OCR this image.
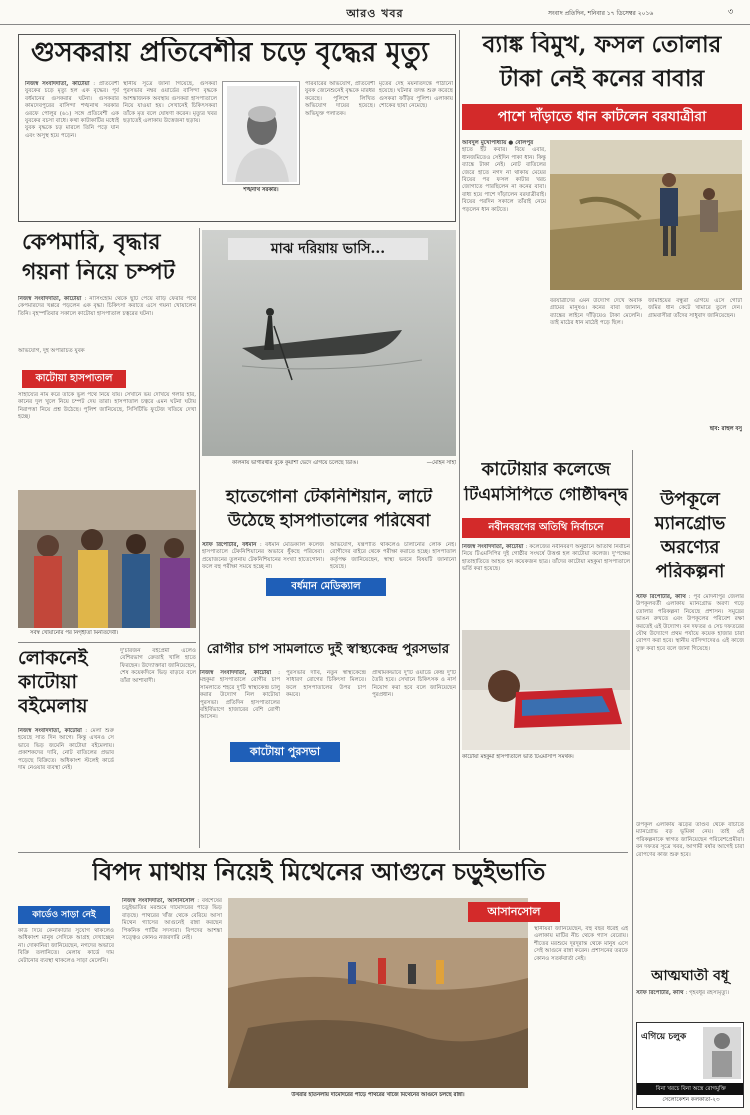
আরও খবর	সংবাদ প্রতিদিন, শনিবার ১৭ ডিসেম্বর ২০১৬	৩
গুসকরায় প্রতিবেশীর চড়ে বৃদ্ধের মৃত্যু
নিজস্ব সংবাদদাতা, কাটোয়া : প্রতিবেশী যুবকের চড়ে মৃত্যু হল এক বৃদ্ধের। পূর্ব বর্ধমানের গুসকরার ঘটনা। গুসকরার কামদেবপুরের বাসিন্দা শঙ্খনাথ সরকার ওরফে পোলুর (৬১) সঙ্গে প্রতিবেশী এক যুবকের বচসা বাধে। কথা কাটাকাটির মধ্যেই যুবক বৃদ্ধকে চড় মারলে তিনি পড়ে যান এবং অসুস্থ হয়ে পড়েন।
স্থানীয় সূত্রে জানা গিয়েছে, গুসকরা পুরসভার নম্বর ওয়ার্ডের বাসিন্দা বৃদ্ধকে আশঙ্কাজনক অবস্থায় গুসকরা হাসপাতালে নিয়ে যাওয়া হয়। সেখানেই চিকিৎসকরা তাঁকে মৃত বলে ঘোষণা করেন। মৃত্যুর খবর ছড়াতেই এলাকায় উত্তেজনা ছড়ায়।
শঙ্খনাথ সরকার।
পরিবারের অভিযোগ, প্রতিবেশী যুবক জেনেশুনেই বৃদ্ধকে মারধর করেছে। পুলিশে লিখিত অভিযোগ দায়ের হয়েছে। অভিযুক্ত পলাতক।
মৃতের দেহ ময়নাতদন্তে পাঠানো হয়েছে। ঘটনার তদন্ত শুরু করেছে গুসকরা ফাঁড়ির পুলিশ। এলাকায় শোকের ছায়া নেমেছে।
ব্যাঙ্ক বিমুখ, ফসল তোলার
টাকা নেই কনের বাবার
পাশে দাঁড়াতে ধান কাটলেন বরযাত্রীরা
আবদুল মুখোপাধ্যায় ● বোলপুর
হাতে ইঁট কবার। বিয়ে এবার, ধানজমিতেও সেইদিন পাকা ধান। কিন্তু ব্যাঙ্কে টাকা নেই। নোট বাতিলের জেরে হাতে নগদ না থাকায় মেয়ের বিয়ের পর ফসল কাটার খরচ জোগাতে পারছিলেন না কনের বাবা। বাধ্য হয়ে পাশে দাঁড়ালেন বরযাত্রীরাই। বিয়ের পরদিন সকালে তাঁরাই নেমে পড়লেন ধান কাটতে।
বরযাত্রীদের এমন উদ্যোগ দেখে অবাক গ্রামের মানুষও। কনের বাবা জানান, ব্যাঙ্কের লাইনে দাঁড়িয়েও টাকা মেলেনি। তাই মাঠের ধান মাঠেই পড়ে ছিল।
জামাইয়ের বন্ধুরা এগিয়ে এসে গোটা জমির ধান কেটে খামারে তুলে দেন। গ্রামবাসীরা তাঁদের সাধুবাদ জানিয়েছেন।
ছবি: রাহুল বসু
কেপমারি, বৃদ্ধার
গয়না নিয়ে চম্পট
নিজস্ব সংবাদদাতা, কাটোয়া : নার্সিংহোম থেকে ছুটি পেয়ে বাড়ি ফেরার পথে কেপমারদের খপ্পরে পড়লেন এক বৃদ্ধা। চিকিৎসা করাতে এসে গয়না খোয়ালেন তিনি। বৃহস্পতিবার সকালে কাটোয়া হাসপাতাল চত্বরের ঘটনা।
অভিযোগ, দুই অপরিচিত যুবক
কাটোয়া হাসপাতাল
সাহায্যের নাম করে তাঁকে ভুল পথে নিয়ে যায়। সেখানে ভয় দেখিয়ে গলার হার, কানের দুল খুলে নিয়ে চম্পট দেয় তারা। হাসপাতাল চত্বরে এমন ঘটনা ঘটায় নিরাপত্তা নিয়ে প্রশ্ন উঠেছে। পুলিশ জানিয়েছে, সিসিটিভি ফুটেজ খতিয়ে দেখা হচ্ছে।
মাঝ দরিয়ায় ভাসি...
কালনায় ভাগীরথীর বুকে কুয়াশা ভেদে এগিয়ে চলেছে ডিঙি।	—মোহন সাহা
সর্বস্ব খোয়ানোর পর নিগৃহীতা মিনতিদেবী।
লোকনেই
কাটোয়া
বইমেলায়
নিজস্ব সংবাদদাতা, কাটোয়া : মেলা শুরু হয়েছে সাত দিন আগে। কিন্তু এখনও সে ভাবে ভিড় জমেনি কাটোয়া বইমেলায়। প্রকাশকদের দাবি, নোট বাতিলের প্রভাব পড়েছে বিক্রিতে। অধিকাংশ স্টলেই কার্ডে দাম নেওয়ার ব্যবস্থা নেই।
দু'চারজন বইপ্রেমী এলেও বেশিরভাগ ক্রেতাই খালি হাতে ফিরছেন। উদ্যোক্তারা জানিয়েছেন, শেষ কয়েকদিনে ভিড় বাড়বে বলে তাঁরা আশাবাদী।
হাতেগোনা টেকনিশিয়ান, লাটে
উঠেছে হাসপাতালের পরিষেবা
স্টাফ রিপোর্টার, বর্ধমান : বর্ধমান মেডিক্যাল কলেজ হাসপাতালে টেকনিশিয়ানের অভাবে ধুঁকছে পরিষেবা। প্রয়োজনের তুলনায় টেকনিশিয়ানের সংখ্যা হাতেগোনা। ফলে বহু পরীক্ষা সময়ে হচ্ছে না।
অভিযোগ, যন্ত্রপাতি থাকলেও চালানোর লোক নেই। রোগীদের বাইরে থেকে পরীক্ষা করাতে হচ্ছে। হাসপাতাল কর্তৃপক্ষ জানিয়েছেন, স্বাস্থ্য ভবনে বিষয়টি জানানো হয়েছে।
বর্ধমান মেডিক্যাল
কাটোয়ার কলেজে
টিএমসিপিতে গোষ্ঠীদ্বন্দ্ব
নবীনবরণের অতিথি নির্বাচনে
নিজস্ব সংবাদদাতা, কাটোয়া : কলেজের নবীনবরণ অনুষ্ঠানে অতিথি নির্বাচন নিয়ে টিএমসিপির দুই গোষ্ঠীর সংঘর্ষে উত্তপ্ত হল কাটোয়া কলেজ। দু'পক্ষের হাতাহাতিতে আহত হন কয়েকজন ছাত্র। তাঁদের কাটোয়া মহকুমা হাসপাতালে ভর্তি করা হয়েছে।
কাটোয়া মহকুমা হাসপাতালে ভর্তি টিএমসিপি সমর্থক।
উপকূলে
ম্যানগ্রোভ
অরণ্যের
পরিকল্পনা
স্টাফ রিপোর্টার, কাঁথি : পূর্ব মেদিনীপুর জেলার উপকূলবর্তী এলাকায় ম্যানগ্রোভ অরণ্য গড়ে তোলার পরিকল্পনা নিয়েছে প্রশাসন। সমুদ্রের ভাঙন রুখতে এবং উপকূলের পরিবেশ রক্ষা করতেই এই উদ্যোগ। বন দফতর ও সেচ দফতরের যৌথ উদ্যোগে প্রথম পর্যায়ে কয়েক হাজার চারা রোপণ করা হবে। স্থানীয় বাসিন্দাদেরও এই কাজে যুক্ত করা হবে বলে জানা গিয়েছে।
রোগীর চাপ সামলাতে দুই স্বাস্থ্যকেন্দ্র পুরসভার
নিজস্ব সংবাদদাতা, কাটোয়া : মহকুমা হাসপাতালে রোগীর চাপ সামলাতে শহরে দু'টি স্বাস্থ্যকেন্দ্র চালু করার উদ্যোগ নিল কাটোয়া পুরসভা। প্রতিদিন হাসপাতালের বহির্বিভাগে হাজারের বেশি রোগী আসেন।
পুরসভার দাবি, নতুন স্বাস্থ্যকেন্দ্রে সাধারণ রোগের চিকিৎসা মিলবে। ফলে হাসপাতালের উপর চাপ কমবে।
প্রাথমিকভাবে দু'টি ওয়ার্ডে কেন্দ্র দু'টি তৈরি হবে। সেখানে চিকিৎসক ও নার্স নিয়োগ করা হবে বলে জানিয়েছেন পুরপ্রধান।
কাটোয়া পুরসভা
বিপদ মাথায় নিয়েই মিথেনের আগুনে চড়ুইভাতি
কার্ডেও সাড়া নেই
কার্ড দিয়ে কেনাকাটার সুযোগ থাকলেও অধিকাংশ মানুষ সেদিকে আগ্রহ দেখাচ্ছেন না। দোকানিরা জানিয়েছেন, নগদের অভাবে বিক্রি তলানিতে। মেলায় কার্ডে দাম মেটানোর ব্যবস্থা থাকলেও সাড়া মেলেনি।
নিজস্ব সংবাদদাতা, আসানসোল : বর্ষশেষের চড়ুইভাতির মরশুমে দামোদরের পাড়ে ভিড় বাড়ছে। পাথরের খাঁজ থেকে বেরিয়ে আসা মিথেন গ্যাসের আগুনেই রান্না করছেন পিকনিক পার্টির সদস্যরা। বিপদের আশঙ্কা সত্ত্বেও কোনও নজরদারি নেই।
আসানসোল
উখরার হাতনলায় দামোদরের পাড়ে পাথরের খাঁজে মিথেনের আগুনে চলছে রান্না।
স্থানীয়রা জানিয়েছেন, বহু বছর ধরেই এই এলাকায় মাটির নীচ থেকে গ্যাস বেরোয়। শীতের মরশুমে দূরদূরান্ত থেকে মানুষ এসে সেই আগুনে রান্না করেন। প্রশাসনের তরফে কোনও সতর্কবার্তা নেই।
আত্মঘাতী বধূ
স্টাফ রিপোর্টার, কাঁথি : গৃহবধূর রহস্যমৃত্যু।
উপকূল এলাকায় ঝড়ের তাণ্ডব থেকে বাঁচাতে ম্যানগ্রোভ বড় ভূমিকা নেয়। তাই এই পরিকল্পনাকে স্বাগত জানিয়েছেন পরিবেশপ্রেমীরা। বন দফতর সূত্রে খবর, আগামী বর্ষার আগেই চারা রোপণের কাজ শুরু হবে।
এগিয়ে চলুক
বিনা খরচে বিনা অস্ত্রে রোগমুক্তি
সেলোকেশন কলকাতা-২৩
